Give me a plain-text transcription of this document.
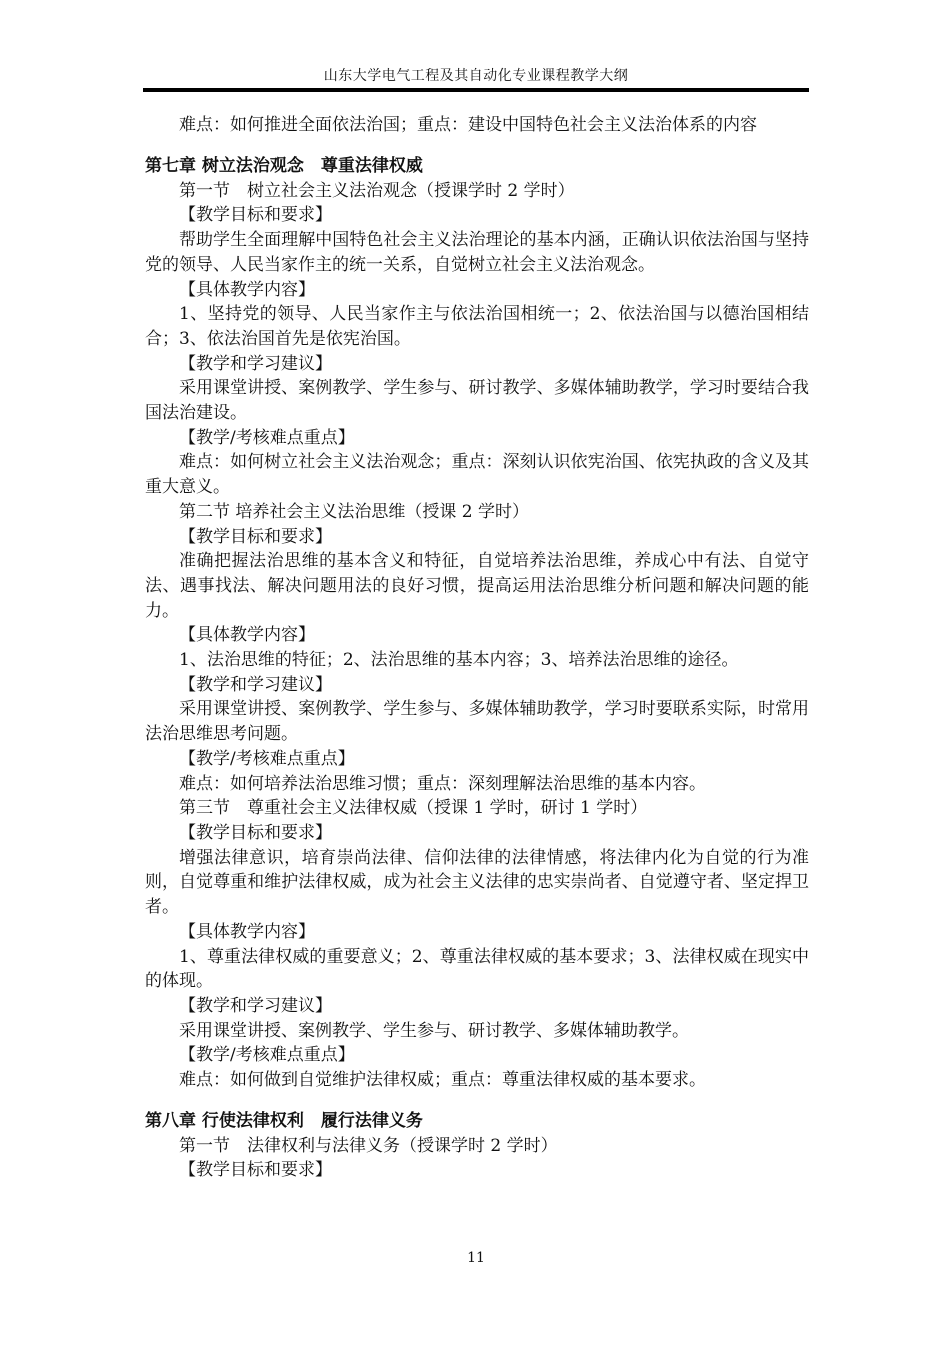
山东大学电气工程及其自动化专业课程教学大纲

难点：如何推进全面依法治国；重点：建设中国特色社会主义法治体系的内容

第七章 树立法治观念　尊重法律权威

第一节　树立社会主义法治观念（授课学时 2 学时）

【教学目标和要求】

帮助学生全面理解中国特色社会主义法治理论的基本内涵，正确认识依法治国与坚持党的领导、人民当家作主的统一关系，自觉树立社会主义法治观念。

【具体教学内容】

1、坚持党的领导、人民当家作主与依法治国相统一；2、依法治国与以德治国相结合；3、依法治国首先是依宪治国。

【教学和学习建议】

采用课堂讲授、案例教学、学生参与、研讨教学、多媒体辅助教学，学习时要结合我国法治建设。

【教学/考核难点重点】

难点：如何树立社会主义法治观念；重点：深刻认识依宪治国、依宪执政的含义及其重大意义。

第二节 培养社会主义法治思维（授课 2 学时）

【教学目标和要求】

准确把握法治思维的基本含义和特征，自觉培养法治思维，养成心中有法、自觉守法、遇事找法、解决问题用法的良好习惯，提高运用法治思维分析问题和解决问题的能力。

【具体教学内容】

1、法治思维的特征；2、法治思维的基本内容；3、培养法治思维的途径。

【教学和学习建议】

采用课堂讲授、案例教学、学生参与、多媒体辅助教学，学习时要联系实际，时常用法治思维思考问题。

【教学/考核难点重点】

难点：如何培养法治思维习惯；重点：深刻理解法治思维的基本内容。

第三节　尊重社会主义法律权威（授课 1 学时，研讨 1 学时）

【教学目标和要求】

增强法律意识，培育崇尚法律、信仰法律的法律情感，将法律内化为自觉的行为准则，自觉尊重和维护法律权威，成为社会主义法律的忠实崇尚者、自觉遵守者、坚定捍卫者。

【具体教学内容】

1、尊重法律权威的重要意义；2、尊重法律权威的基本要求；3、法律权威在现实中的体现。

【教学和学习建议】

采用课堂讲授、案例教学、学生参与、研讨教学、多媒体辅助教学。

【教学/考核难点重点】

难点：如何做到自觉维护法律权威；重点：尊重法律权威的基本要求。

第八章 行使法律权利　履行法律义务

第一节　法律权利与法律义务（授课学时 2 学时）

【教学目标和要求】

11
